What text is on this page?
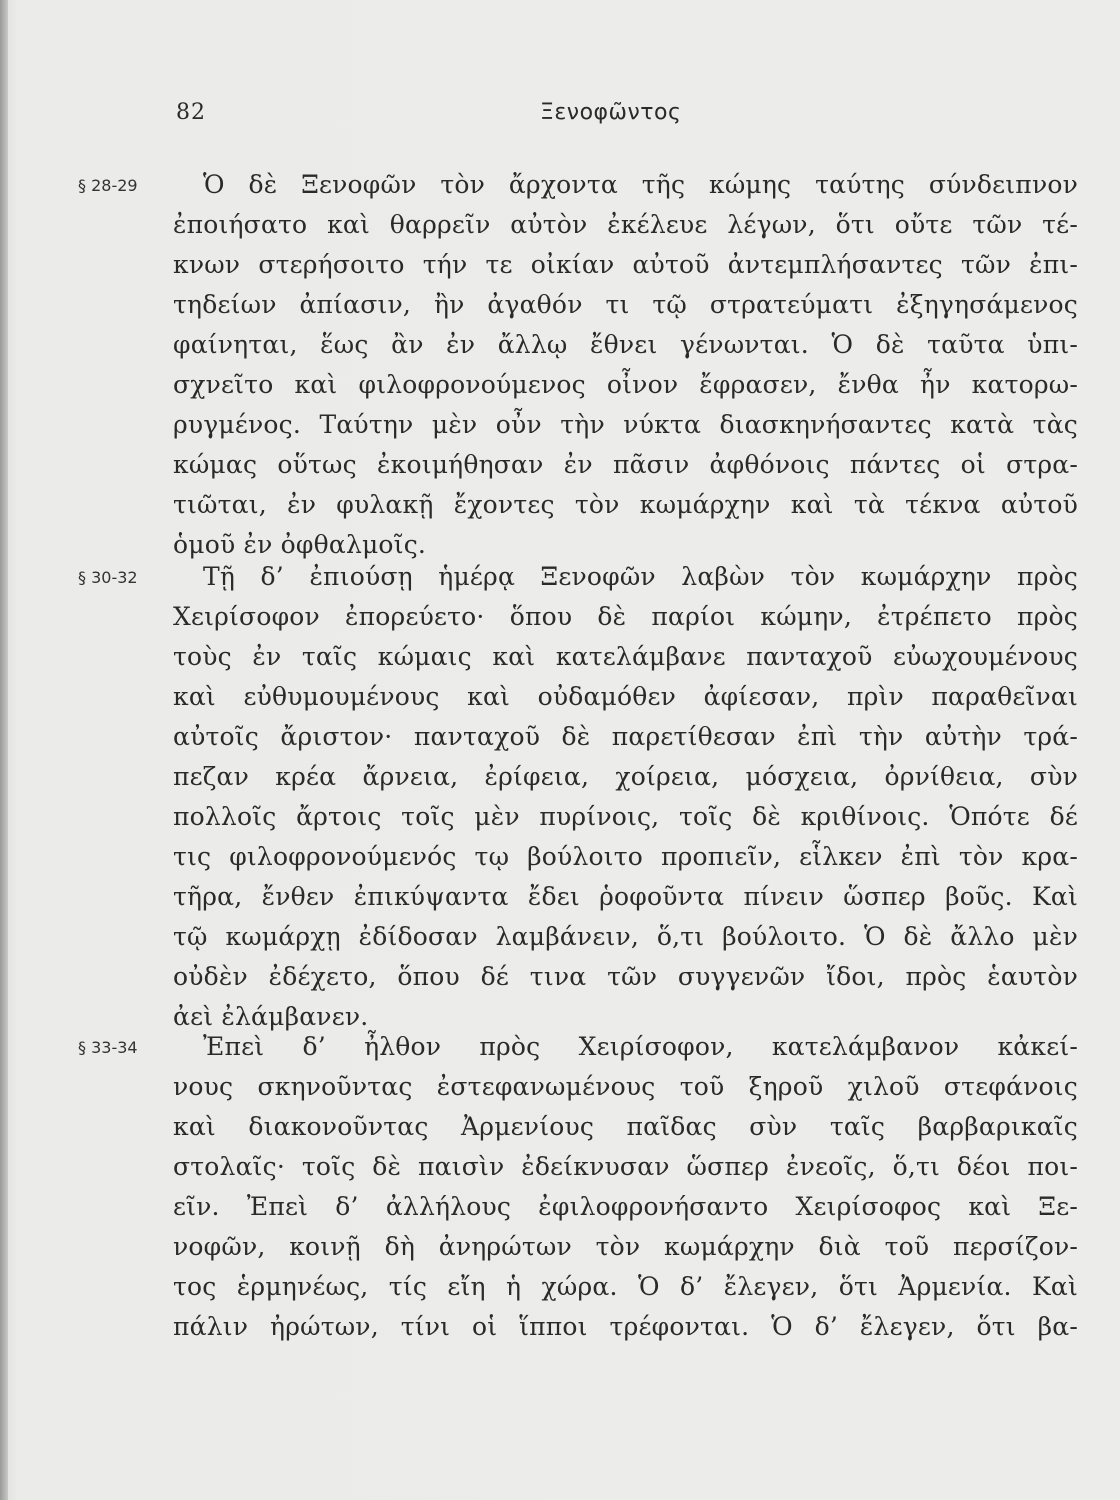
82	Ξενοφῶντος
§ 28-29	Ὁ δὲ Ξενοφῶν τὸν ἄρχοντα τῆς κώμης ταύτης σύνδειπνον
ἐποιήσατο καὶ θαρρεῖν αὐτὸν ἐκέλευε λέγων, ὅτι οὔτε τῶν τέ-
κνων στερήσοιτο τήν τε οἰκίαν αὐτοῦ ἀντεμπλήσαντες τῶν ἐπι-
τηδείων ἀπίασιν, ἢν ἀγαθόν τι τῷ στρατεύματι ἐξηγησάμενος
φαίνηται, ἕως ἂν ἐν ἄλλῳ ἔθνει γένωνται. Ὁ δὲ ταῦτα ὑπι-
σχνεῖτο καὶ φιλοφρονούμενος οἶνον ἔφρασεν, ἔνθα ἦν κατορω-
ρυγμένος. Ταύτην μὲν οὖν τὴν νύκτα διασκηνήσαντες κατὰ τὰς
κώμας οὕτως ἐκοιμήθησαν ἐν πᾶσιν ἀφθόνοις πάντες οἱ στρα-
τιῶται, ἐν φυλακῇ ἔχοντες τὸν κωμάρχην καὶ τὰ τέκνα αὐτοῦ
ὁμοῦ ἐν ὀφθαλμοῖς.
§ 30-32	Τῇ δ’ ἐπιούσῃ ἡμέρᾳ Ξενοφῶν λαβὼν τὸν κωμάρχην πρὸς
Χειρίσοφον ἐπορεύετο· ὅπου δὲ παρίοι κώμην, ἐτρέπετο πρὸς
τοὺς ἐν ταῖς κώμαις καὶ κατελάμβανε πανταχοῦ εὐωχουμένους
καὶ εὐθυμουμένους καὶ οὐδαμόθεν ἀφίεσαν, πρὶν παραθεῖναι
αὐτοῖς ἄριστον· πανταχοῦ δὲ παρετίθεσαν ἐπὶ τὴν αὐτὴν τρά-
πεζαν κρέα ἄρνεια, ἐρίφεια, χοίρεια, μόσχεια, ὀρνίθεια, σὺν
πολλοῖς ἄρτοις τοῖς μὲν πυρίνοις, τοῖς δὲ κριθίνοις. Ὁπότε δέ
τις φιλοφρονούμενός τῳ βούλοιτο προπιεῖν, εἷλκεν ἐπὶ τὸν κρα-
τῆρα, ἔνθεν ἐπικύψαντα ἔδει ῥοφοῦντα πίνειν ὥσπερ βοῦς. Καὶ
τῷ κωμάρχῃ ἐδίδοσαν λαμβάνειν, ὅ,τι βούλοιτο. Ὁ δὲ ἄλλο μὲν
οὐδὲν ἐδέχετο, ὅπου δέ τινα τῶν συγγενῶν ἴδοι, πρὸς ἑαυτὸν
ἀεὶ ἐλάμβανεν.
§ 33-34	Ἐπεὶ δ’ ἦλθον πρὸς Χειρίσοφον, κατελάμβανον κἀκεί-
νους σκηνοῦντας ἐστεφανωμένους τοῦ ξηροῦ χιλοῦ στεφάνοις
καὶ διακονοῦντας Ἀρμενίους παῖδας σὺν ταῖς βαρβαρικαῖς
στολαῖς· τοῖς δὲ παισὶν ἐδείκνυσαν ὥσπερ ἐνεοῖς, ὅ,τι δέοι ποι-
εῖν. Ἐπεὶ δ’ ἀλλήλους ἐφιλοφρονήσαντο Χειρίσοφος καὶ Ξε-
νοφῶν, κοινῇ δὴ ἀνηρώτων τὸν κωμάρχην διὰ τοῦ περσίζον-
τος ἑρμηνέως, τίς εἴη ἡ χώρα. Ὁ δ’ ἔλεγεν, ὅτι Ἀρμενία. Καὶ
πάλιν ἠρώτων, τίνι οἱ ἵπποι τρέφονται. Ὁ δ’ ἔλεγεν, ὅτι βα-
